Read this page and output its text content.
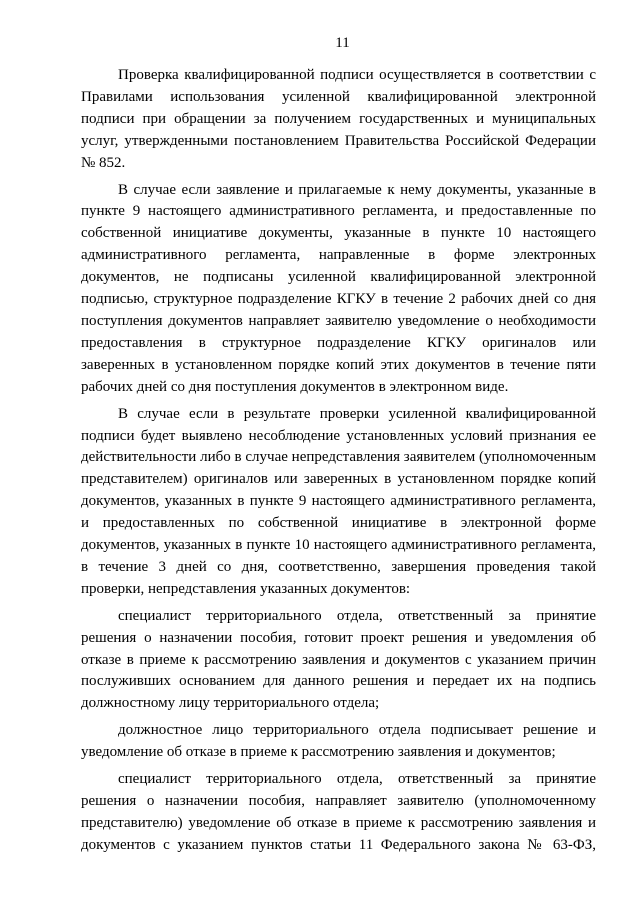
11

Проверка квалифицированной подписи осуществляется в соответствии с Правилами использования усиленной квалифицированной электронной подписи при обращении за получением государственных и муниципальных услуг, утвержденными постановлением Правительства Российской Федерации № 852.

В случае если заявление и прилагаемые к нему документы, указанные в пункте 9 настоящего административного регламента, и предоставленные по собственной инициативе документы, указанные в пункте 10 настоящего административного регламента, направленные в форме электронных документов, не подписаны усиленной квалифицированной электронной подписью, структурное подразделение КГКУ в течение 2 рабочих дней со дня поступления документов направляет заявителю уведомление о необходимости предоставления в структурное подразделение КГКУ оригиналов или заверенных в установленном порядке копий этих документов в течение пяти рабочих дней со дня поступления документов в электронном виде.

В случае если в результате проверки усиленной квалифицированной подписи будет выявлено несоблюдение установленных условий признания ее действительности либо в случае непредставления заявителем (уполномоченным представителем) оригиналов или заверенных в установленном порядке копий документов, указанных в пункте 9 настоящего административного регламента, и предоставленных по собственной инициативе в электронной форме документов, указанных в пункте 10 настоящего административного регламента, в течение 3 дней со дня, соответственно, завершения проведения такой проверки, непредставления указанных документов:

специалист территориального отдела, ответственный за принятие решения о назначении пособия, готовит проект решения и уведомления об отказе в приеме к рассмотрению заявления и документов с указанием причин послуживших основанием для данного решения и передает их на подпись должностному лицу территориального отдела;

должностное лицо территориального отдела подписывает решение и уведомление об отказе в приеме к рассмотрению заявления и документов;

специалист территориального отдела, ответственный за принятие решения о назначении пособия, направляет заявителю (уполномоченному представителю) уведомление об отказе в приеме к рассмотрению заявления и документов с указанием пунктов статьи 11 Федерального закона № 63-ФЗ,
